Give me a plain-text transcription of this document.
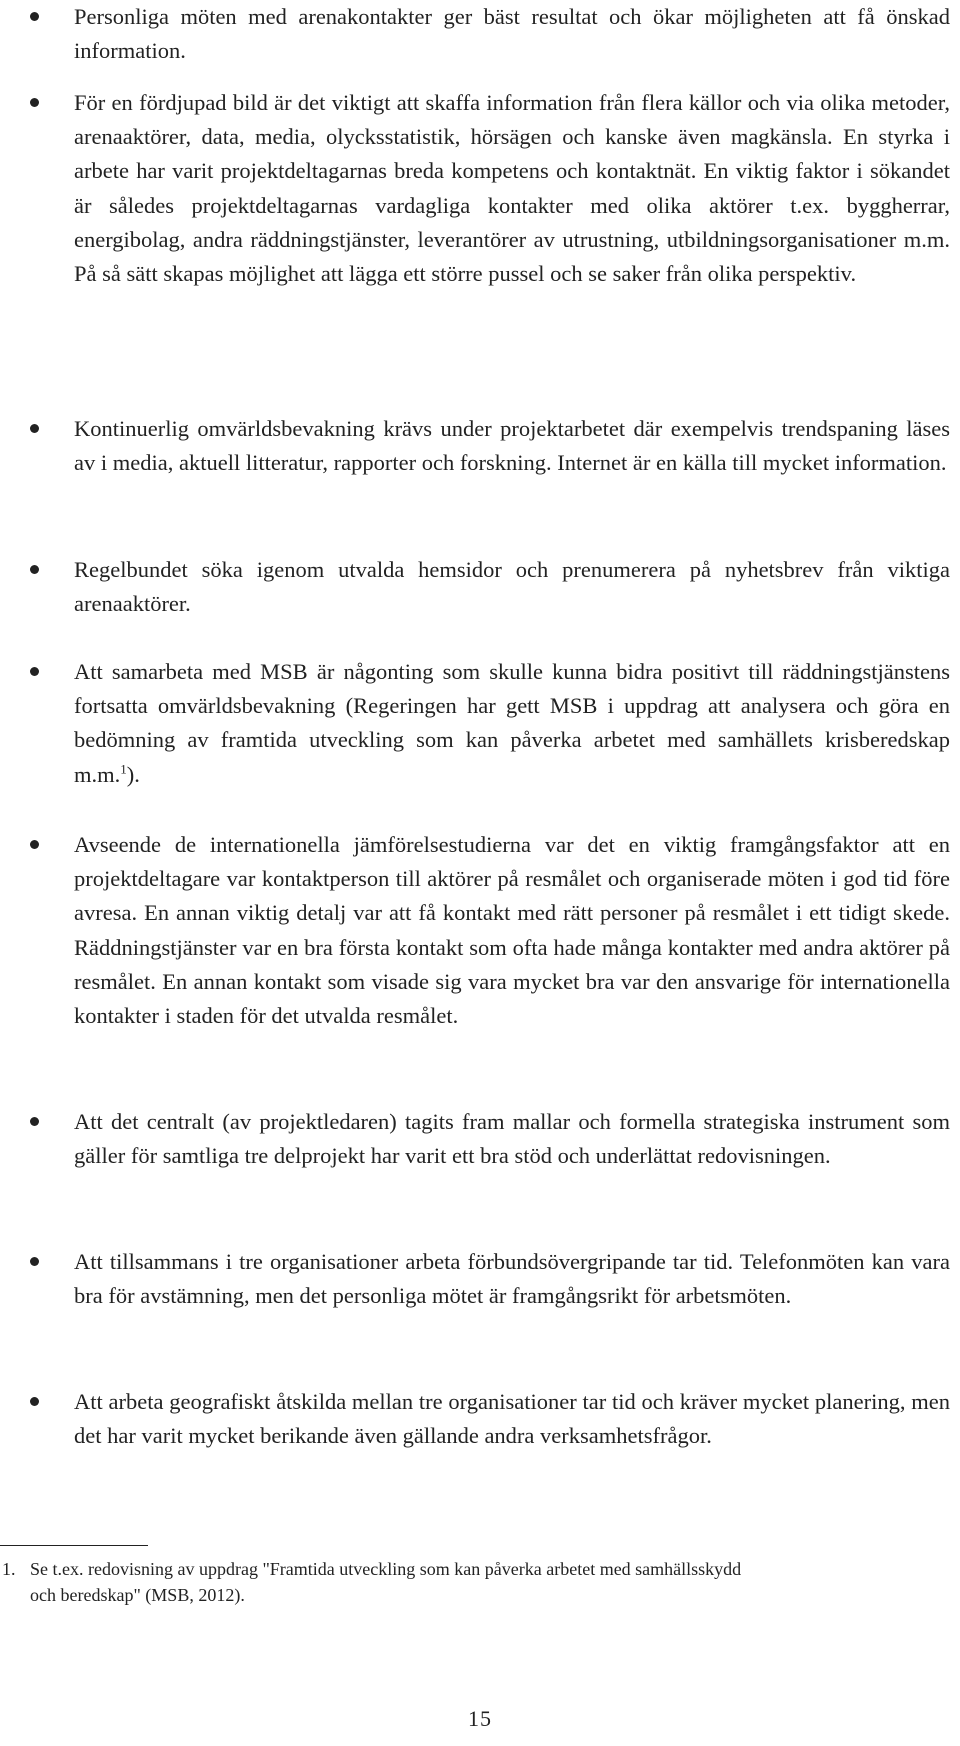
Personliga möten med arenakontakter ger bäst resultat och ökar möjligheten att få önskad information.
För en fördjupad bild är det viktigt att skaffa information från flera källor och via olika metoder, arenaaktörer, data, media, olycksstatistik, hörsägen och kanske även magkänsla. En styrka i arbete har varit projektdeltagarnas breda kompetens och kontaktnät. En viktig faktor i sökandet är således projektdeltagarnas vardagliga kontakter med olika aktörer t.ex. byggherrar, energibolag, andra räddningstjänster, leverantörer av utrustning, utbildningsorganisationer m.m. På så sätt skapas möjlighet att lägga ett större pussel och se saker från olika perspektiv.
Kontinuerlig omvärldsbevakning krävs under projektarbetet där exempelvis trendspaning läses av i media, aktuell litteratur, rapporter och forskning. Internet är en källa till mycket information.
Regelbundet söka igenom utvalda hemsidor och prenumerera på nyhetsbrev från viktiga arenaaktörer.
Att samarbeta med MSB är någonting som skulle kunna bidra positivt till räddningstjänstens fortsatta omvärldsbevakning (Regeringen har gett MSB i uppdrag att analysera och göra en bedömning av framtida utveckling som kan påverka arbetet med samhällets krisberedskap m.m.$^1$).
Avseende de internationella jämförelsestudierna var det en viktig framgångsfaktor att en projektdeltagare var kontaktperson till aktörer på resmålet och organiserade möten i god tid före avresa. En annan viktig detalj var att få kontakt med rätt personer på resmålet i ett tidigt skede. Räddningstjänster var en bra första kontakt som ofta hade många kontakter med andra aktörer på resmålet. En annan kontakt som visade sig vara mycket bra var den ansvarige för internationella kontakter i staden för det utvalda resmålet.
Att det centralt (av projektledaren) tagits fram mallar och formella strategiska instrument som gäller för samtliga tre delprojekt har varit ett bra stöd och underlättat redovisningen.
Att tillsammans i tre organisationer arbeta förbundsövergripande tar tid. Telefonmöten kan vara bra för avstämning, men det personliga mötet är framgångsrikt för arbetsmöten.
Att arbeta geografiskt åtskilda mellan tre organisationer tar tid och kräver mycket planering, men det har varit mycket berikande även gällande andra verksamhetsfrågor.
1. Se t.ex. redovisning av uppdrag "Framtida utveckling som kan påverka arbetet med samhällsskydd
och beredskap" (MSB, 2012).
15
